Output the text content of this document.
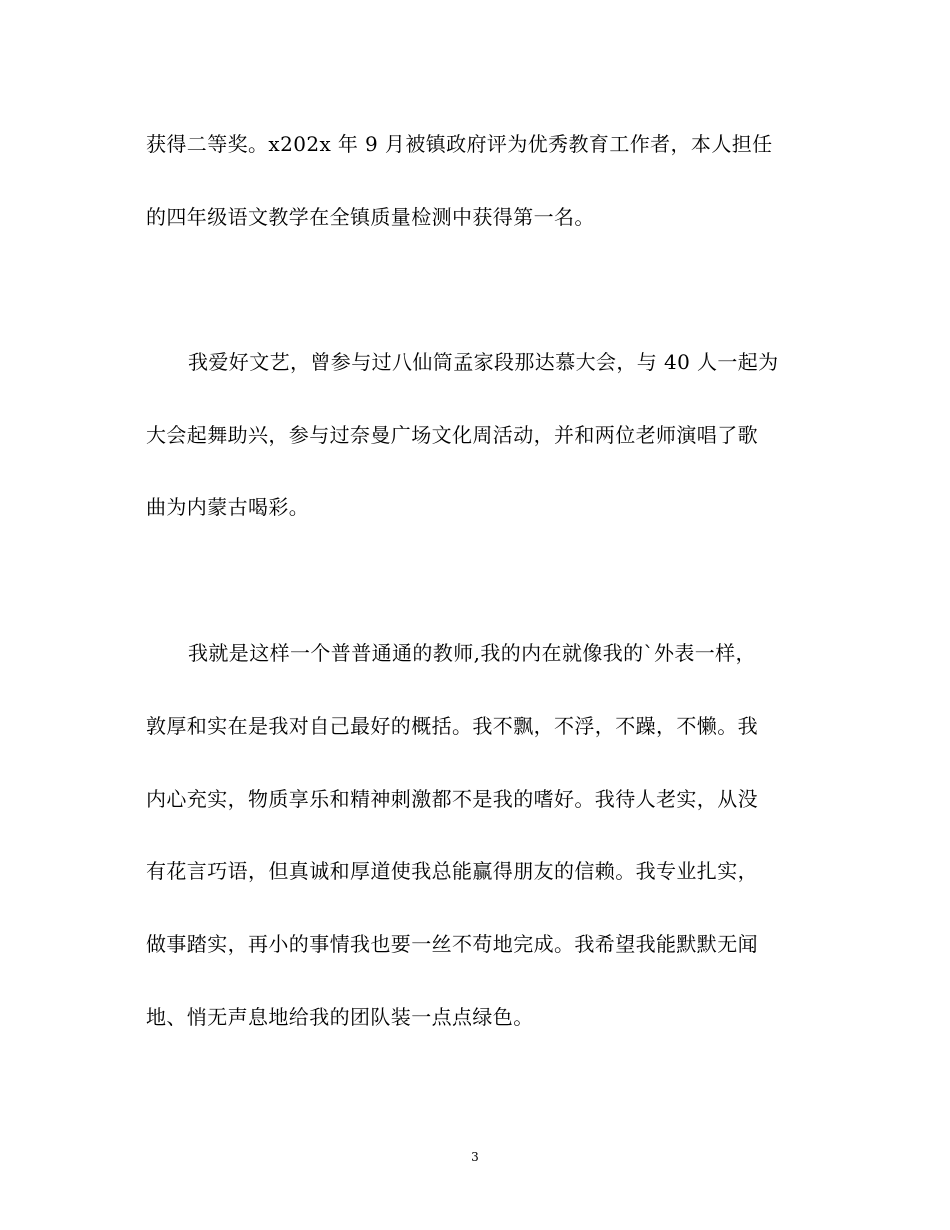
获得二等奖。x202x 年 9 月被镇政府评为优秀教育工作者，本人担任
的四年级语文教学在全镇质量检测中获得第一名。
我爱好文艺，曾参与过八仙筒孟家段那达慕大会，与 40 人一起为
大会起舞助兴，参与过奈曼广场文化周活动，并和两位老师演唱了歌
曲为内蒙古喝彩。
我就是这样一个普普通通的教师,我的内在就像我的`外表一样，
敦厚和实在是我对自己最好的概括。我不飘，不浮，不躁，不懒。我
内心充实，物质享乐和精神刺激都不是我的嗜好。我待人老实，从没
有花言巧语，但真诚和厚道使我总能赢得朋友的信赖。我专业扎实，
做事踏实，再小的事情我也要一丝不苟地完成。我希望我能默默无闻
地、悄无声息地给我的团队装一点点绿色。
3
